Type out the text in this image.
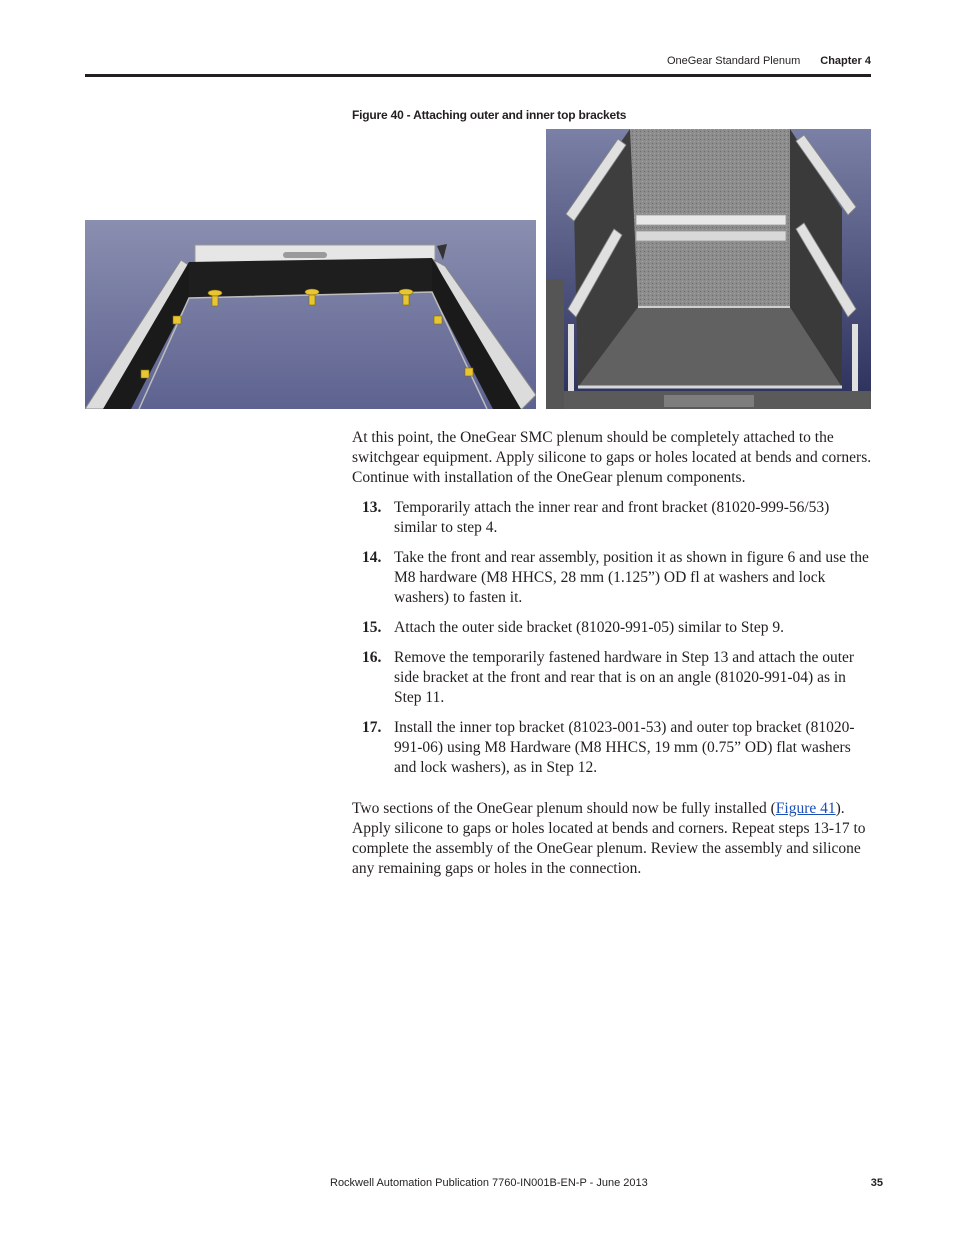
OneGear Standard Plenum Chapter 4
Figure 40 - Attaching outer and inner top brackets
At this point, the OneGear SMC plenum should be completely attached to the switchgear equipment. Apply silicone to gaps or holes located at bends and corners. Continue with installation of the OneGear plenum components.
13. Temporarily attach the inner rear and front bracket (81020-999-56/53) similar to step 4.
14. Take the front and rear assembly, position it as shown in figure 6 and use the M8 hardware (M8 HHCS, 28 mm (1.125”) OD fl at washers and lock washers) to fasten it.
15. Attach the outer side bracket (81020-991-05) similar to Step 9.
16. Remove the temporarily fastened hardware in Step 13 and attach the outer side bracket at the front and rear that is on an angle (81020-991-04) as in Step 11.
17. Install the inner top bracket (81023-001-53) and outer top bracket (81020-991-06) using M8 Hardware (M8 HHCS, 19 mm (0.75” OD) flat washers and lock washers), as in Step 12.
Two sections of the OneGear plenum should now be fully installed (Figure 41). Apply silicone to gaps or holes located at bends and corners. Repeat steps 13-17 to complete the assembly of the OneGear plenum. Review the assembly and silicone any remaining gaps or holes in the connection.
Rockwell Automation Publication 7760-IN001B-EN-P - June 2013	35
